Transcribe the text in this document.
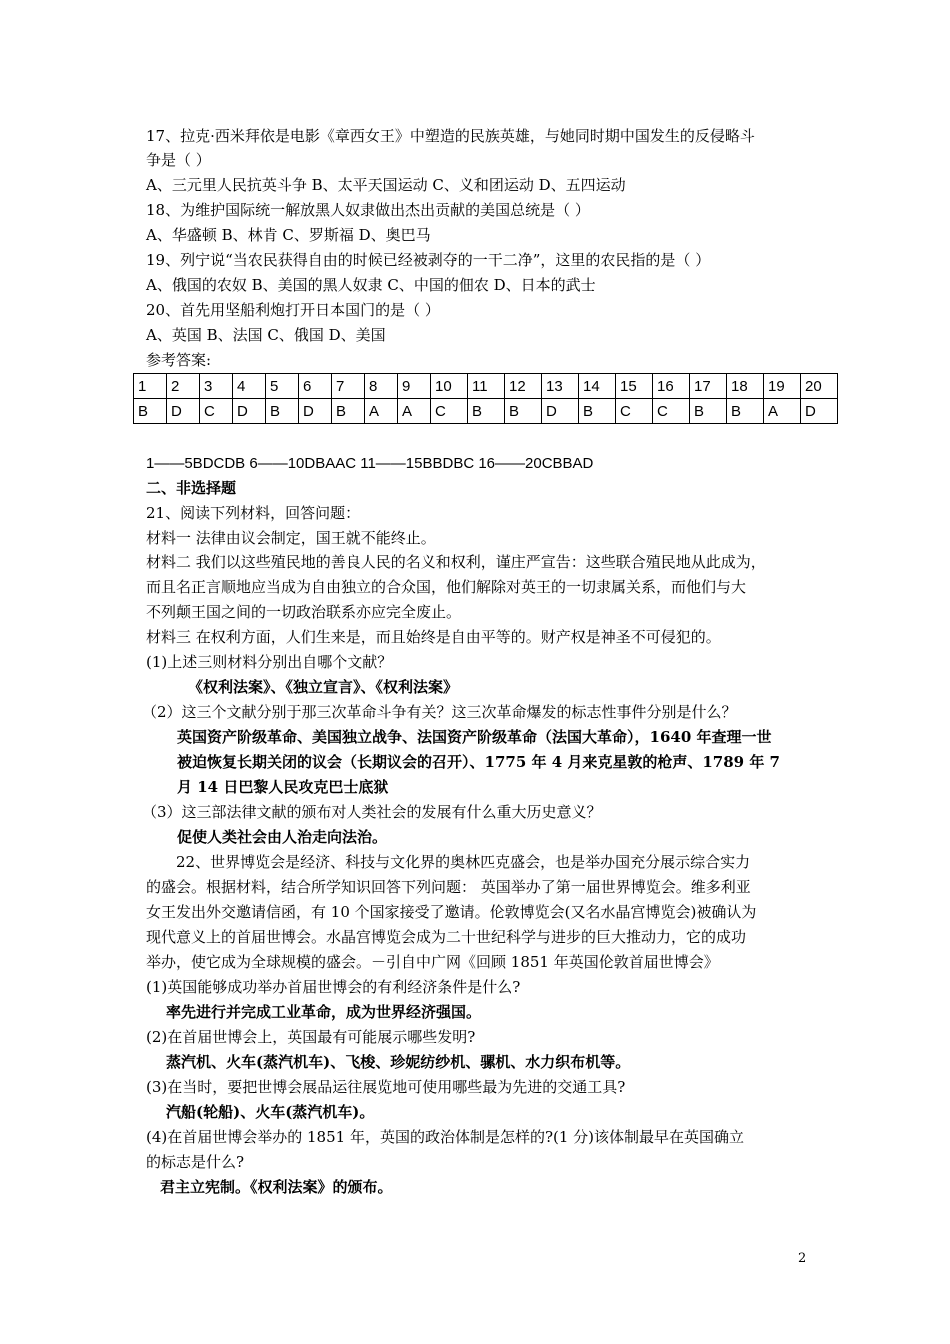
17、拉克·西米拜依是电影《章西女王》中塑造的民族英雄，与她同时期中国发生的反侵略斗
争是（ ）
A、三元里人民抗英斗争 B、太平天国运动 C、义和团运动 D、五四运动
18、为维护国际统一解放黑人奴隶做出杰出贡献的美国总统是（ ）
A、华盛顿 B、林肯 C、罗斯福 D、奥巴马
19、列宁说“当农民获得自由的时候已经被剥夺的一干二净”，这里的农民指的是（ ）
A、俄国的农奴 B、美国的黑人奴隶 C、中国的佃农 D、日本的武士
20、首先用坚船利炮打开日本国门的是（ ）
A、英国 B、法国 C、俄国 D、美国
参考答案:
1	2	3	4	5	6	7	8	9	10	11	12	13	14	15	16	17	18	19	20
B	D	C	D	B	D	B	A	A	C	B	B	D	B	C	C	B	B	A	D
1——5BDCDB 6——10DBAAC 11——15BBDBC 16——20CBBAD
二、非选择题
21、阅读下列材料，回答问题：
材料一 法律由议会制定，国王就不能终止。
材料二 我们以这些殖民地的善良人民的名义和权利，谨庄严宣告：这些联合殖民地从此成为，
而且名正言顺地应当成为自由独立的合众国，他们解除对英王的一切隶属关系，而他们与大
不列颠王国之间的一切政治联系亦应完全废止。
材料三 在权利方面，人们生来是，而且始终是自由平等的。财产权是神圣不可侵犯的。
(1)上述三则材料分别出自哪个文献？
《权利法案》、《独立宣言》、《权利法案》
（2）这三个文献分别于那三次革命斗争有关？这三次革命爆发的标志性事件分别是什么？
英国资产阶级革命、美国独立战争、法国资产阶级革命（法国大革命），1640 年查理一世
被迫恢复长期关闭的议会（长期议会的召开）、1775 年 4 月来克星敦的枪声、1789 年 7
月 14 日巴黎人民攻克巴士底狱
（3）这三部法律文献的颁布对人类社会的发展有什么重大历史意义？
促使人类社会由人治走向法治。
22、世界博览会是经济、科技与文化界的奥林匹克盛会，也是举办国充分展示综合实力
的盛会。根据材料，结合所学知识回答下列问题： 英国举办了第一届世界博览会。维多利亚
女王发出外交邀请信函，有 10 个国家接受了邀请。伦敦博览会(又名水晶宫博览会)被确认为
现代意义上的首届世博会。水晶宫博览会成为二十世纪科学与进步的巨大推动力，它的成功
举办，使它成为全球规模的盛会。－引自中广网《回顾 1851 年英国伦敦首届世博会》
(1)英国能够成功举办首届世博会的有利经济条件是什么?
率先进行并完成工业革命，成为世界经济强国。
(2)在首届世博会上，英国最有可能展示哪些发明?
蒸汽机、火车(蒸汽机车)、飞梭、珍妮纺纱机、骡机、水力织布机等。
(3)在当时，要把世博会展品运往展览地可使用哪些最为先进的交通工具?
汽船(轮船)、火车(蒸汽机车)。
(4)在首届世博会举办的 1851 年，英国的政治体制是怎样的?(1 分)该体制最早在英国确立
的标志是什么?
君主立宪制。《权利法案》的颁布。
2
